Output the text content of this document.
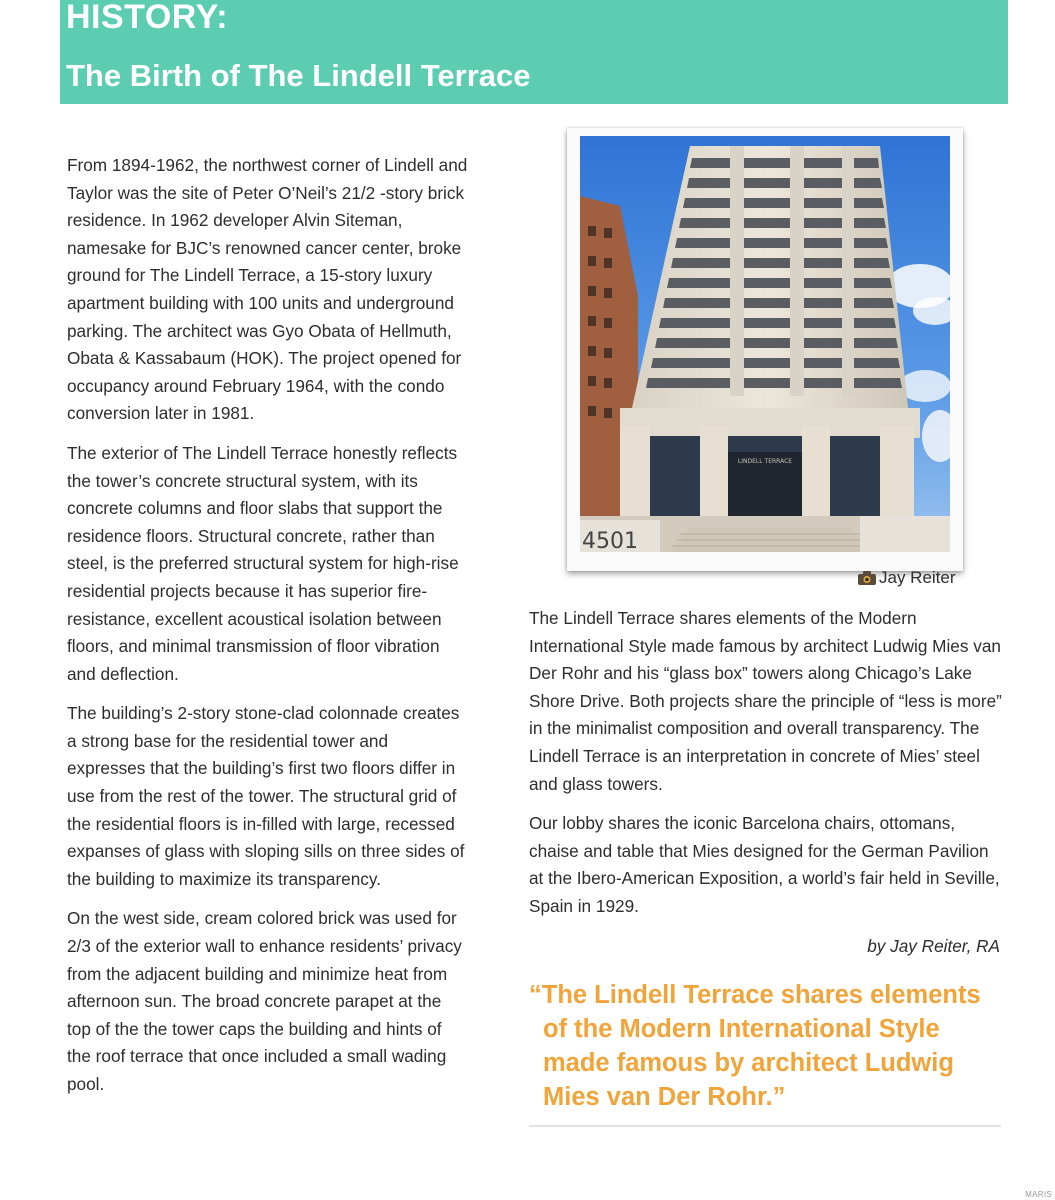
HISTORY:
The Birth of The Lindell Terrace

From 1894-1962, the northwest corner of Lindell and Taylor was the site of Peter O’Neil’s 21/2 -story brick residence. In 1962 developer Alvin Siteman, namesake for BJC’s renowned cancer center, broke ground for The Lindell Terrace, a 15-story luxury apartment building with 100 units and underground parking. The architect was Gyo Obata of Hellmuth, Obata & Kassabaum (HOK). The project opened for occupancy around February 1964, with the condo conversion later in 1981.

The exterior of The Lindell Terrace honestly reflects the tower’s concrete structural system, with its concrete columns and floor slabs that support the residence floors. Structural concrete, rather than steel, is the preferred structural system for high-rise residential projects because it has superior fire-resistance, excellent acoustical isolation between floors, and minimal transmission of floor vibration and deflection.

The building’s 2-story stone-clad colonnade creates a strong base for the residential tower and expresses that the building’s first two floors differ in use from the rest of the tower. The structural grid of the residential floors is in-filled with large, recessed expanses of glass with sloping sills on three sides of the building to maximize its transparency.

On the west side, cream colored brick was used for 2/3 of the exterior wall to enhance residents’ privacy from the adjacent building and minimize heat from afternoon sun. The broad concrete parapet at the top of the the tower caps the building and hints of the roof terrace that once included a small wading pool.

LINDELL TERRACE
4501
Jay Reiter

The Lindell Terrace shares elements of the Modern International Style made famous by architect Ludwig Mies van Der Rohr and his “glass box” towers along Chicago’s Lake Shore Drive. Both projects share the principle of “less is more” in the minimalist composition and overall transparency. The Lindell Terrace is an interpretation in concrete of Mies’ steel and glass towers.

Our lobby shares the iconic Barcelona chairs, ottomans, chaise and table that Mies designed for the German Pavilion at the Ibero-American Exposition, a world’s fair held in Seville, Spain in 1929.

by Jay Reiter, RA

“The Lindell Terrace shares elements
of the Modern International Style
made famous by architect Ludwig
Mies van Der Rohr.”

MARIS
